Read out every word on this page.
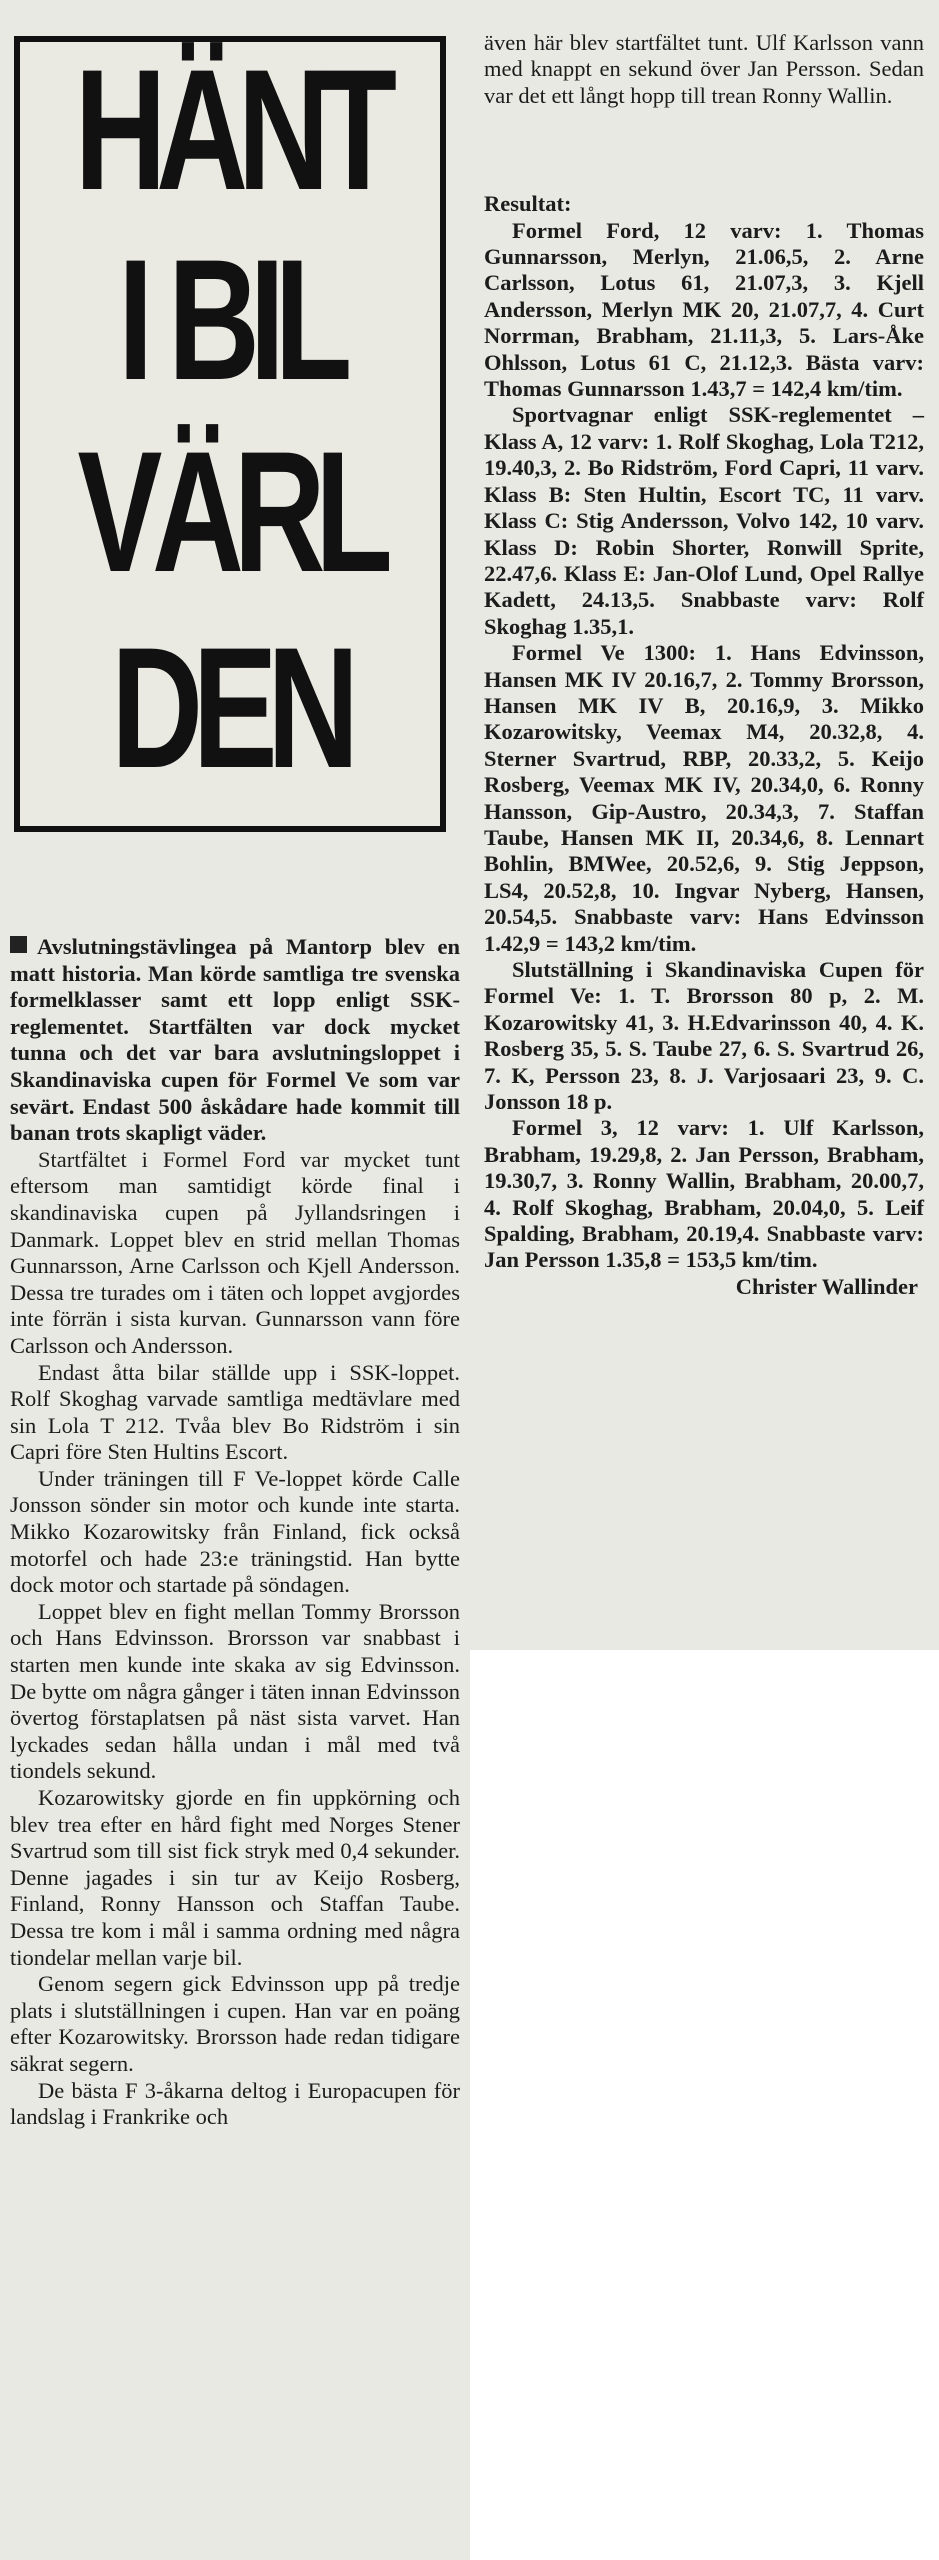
HÄNT
I BIL
VÄRL
DEN

Avslutningstävlingea på Mantorp blev en matt historia. Man körde samtliga tre svenska formelklasser samt ett lopp enligt SSK-reglementet. Startfälten var dock mycket tunna och det var bara avslutningsloppet i Skandinaviska cupen för Formel Ve som var sevärt. Endast 500 åskådare hade kommit till banan trots skapligt väder.

Startfältet i Formel Ford var mycket tunt eftersom man samtidigt körde final i skandinaviska cupen på Jyllandsringen i Danmark. Loppet blev en strid mellan Thomas Gunnarsson, Arne Carlsson och Kjell Andersson. Dessa tre turades om i täten och loppet avgjordes inte förrän i sista kurvan. Gunnarsson vann före Carlsson och Andersson.

Endast åtta bilar ställde upp i SSK-loppet. Rolf Skoghag varvade samtliga medtävlare med sin Lola T 212. Tvåa blev Bo Ridström i sin Capri före Sten Hultins Escort.

Under träningen till F Ve-loppet körde Calle Jonsson sönder sin motor och kunde inte starta. Mikko Kozarowitsky från Finland, fick också motorfel och hade 23:e träningstid. Han bytte dock motor och startade på söndagen.

Loppet blev en fight mellan Tommy Brorsson och Hans Edvinsson. Brorsson var snabbast i starten men kunde inte skaka av sig Edvinsson. De bytte om några gånger i täten innan Edvinsson övertog förstaplatsen på näst sista varvet. Han lyckades sedan hålla undan i mål med två tiondels sekund.

Kozarowitsky gjorde en fin uppkörning och blev trea efter en hård fight med Norges Stener Svartrud som till sist fick stryk med 0,4 sekunder. Denne jagades i sin tur av Keijo Rosberg, Finland, Ronny Hansson och Staffan Taube. Dessa tre kom i mål i samma ordning med några tiondelar mellan varje bil.

Genom segern gick Edvinsson upp på tredje plats i slutställningen i cupen. Han var en poäng efter Kozarowitsky. Brorsson hade redan tidigare säkrat segern.

De bästa F 3-åkarna deltog i Europacupen för landslag i Frankrike och

även här blev startfältet tunt. Ulf Karlsson vann med knappt en sekund över Jan Persson. Sedan var det ett långt hopp till trean Ronny Wallin.

Resultat:

Formel Ford, 12 varv: 1. Thomas Gunnarsson, Merlyn, 21.06,5, 2. Arne Carlsson, Lotus 61, 21.07,3, 3. Kjell Andersson, Merlyn MK 20, 21.07,7, 4. Curt Norrman, Brabham, 21.11,3, 5. Lars-Åke Ohlsson, Lotus 61 C, 21.12,3. Bästa varv: Thomas Gunnarsson 1.43,7 = 142,4 km/tim.

Sportvagnar enligt SSK-reglementet – Klass A, 12 varv: 1. Rolf Skoghag, Lola T212, 19.40,3, 2. Bo Ridström, Ford Capri, 11 varv. Klass B: Sten Hultin, Escort TC, 11 varv. Klass C: Stig Andersson, Volvo 142, 10 varv. Klass D: Robin Shorter, Ronwill Sprite, 22.47,6. Klass E: Jan-Olof Lund, Opel Rallye Kadett, 24.13,5. Snabbaste varv: Rolf Skoghag 1.35,1.

Formel Ve 1300: 1. Hans Edvinsson, Hansen MK IV 20.16,7, 2. Tommy Brorsson, Hansen MK IV B, 20.16,9, 3. Mikko Kozarowitsky, Veemax M4, 20.32,8, 4. Sterner Svartrud, RBP, 20.33,2, 5. Keijo Rosberg, Veemax MK IV, 20.34,0, 6. Ronny Hansson, Gip-Austro, 20.34,3, 7. Staffan Taube, Hansen MK II, 20.34,6, 8. Lennart Bohlin, BMWee, 20.52,6, 9. Stig Jeppson, LS4, 20.52,8, 10. Ingvar Nyberg, Hansen, 20.54,5. Snabbaste varv: Hans Edvinsson 1.42,9 = 143,2 km/tim.

Slutställning i Skandinaviska Cupen för Formel Ve: 1. T. Brorsson 80 p, 2. M. Kozarowitsky 41, 3. H.Edvarinsson 40, 4. K. Rosberg 35, 5. S. Taube 27, 6. S. Svartrud 26, 7. K, Persson 23, 8. J. Varjosaari 23, 9. C. Jonsson 18 p.

Formel 3, 12 varv: 1. Ulf Karlsson, Brabham, 19.29,8, 2. Jan Persson, Brabham, 19.30,7, 3. Ronny Wallin, Brabham, 20.00,7, 4. Rolf Skoghag, Brabham, 20.04,0, 5. Leif Spalding, Brabham, 20.19,4. Snabbaste varv: Jan Persson 1.35,8 = 153,5 km/tim.

Christer Wallinder
